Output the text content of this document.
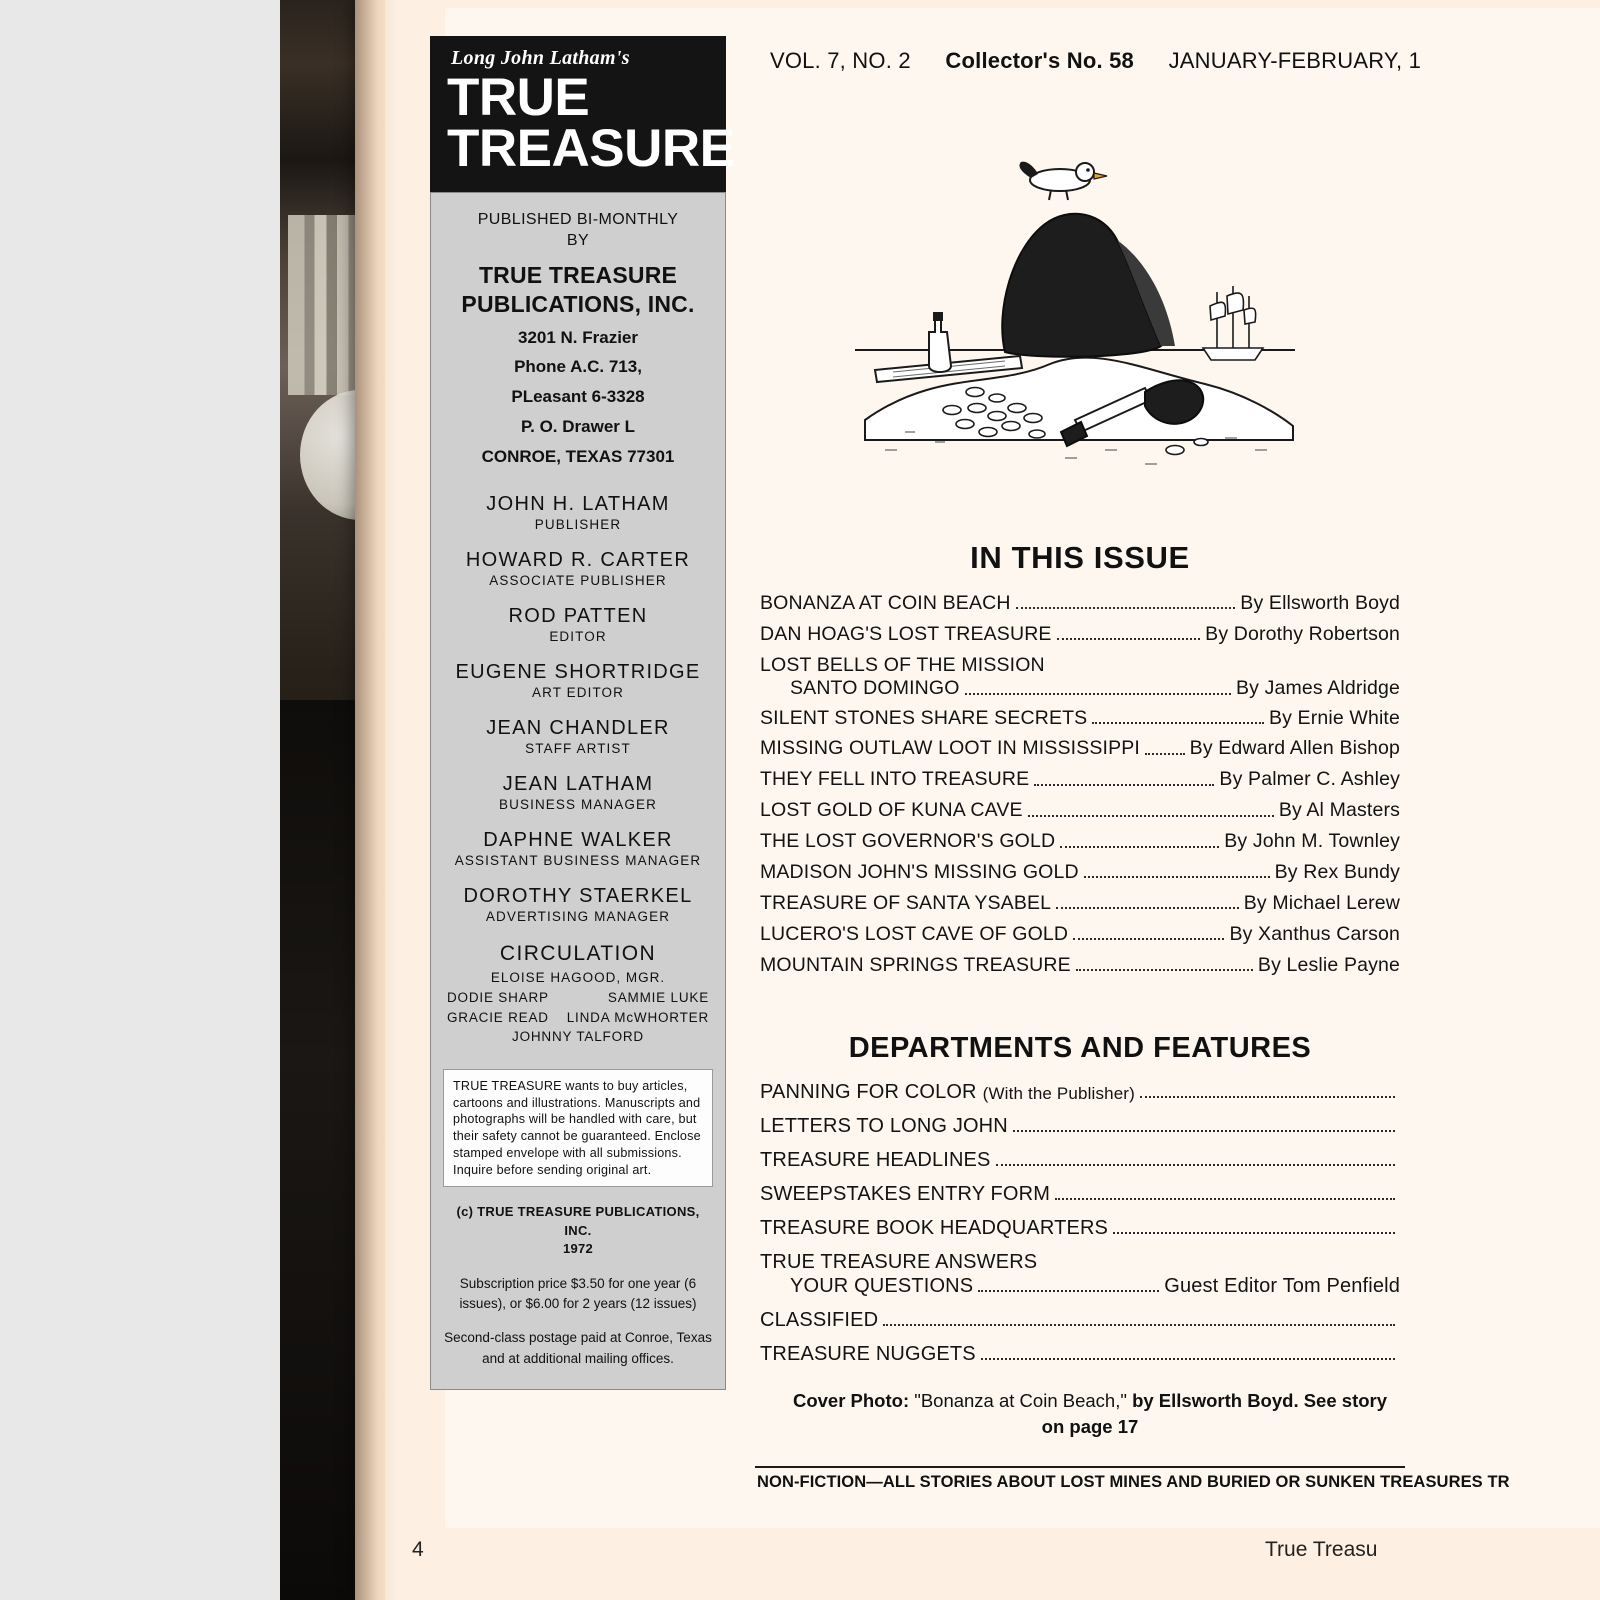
Long John Latham's
TRUE
TREASURE
PUBLISHED BI-MONTHLY
BY
TRUE TREASURE
PUBLICATIONS, INC.
3201 N. Frazier
Phone A.C. 713,
PLeasant 6-3328
P. O. Drawer L
CONROE, TEXAS 77301
JOHN H. LATHAM
PUBLISHER
HOWARD R. CARTER
ASSOCIATE PUBLISHER
ROD PATTEN
EDITOR
EUGENE SHORTRIDGE
ART EDITOR
JEAN CHANDLER
STAFF ARTIST
JEAN LATHAM
BUSINESS MANAGER
DAPHNE WALKER
ASSISTANT BUSINESS MANAGER
DOROTHY STAERKEL
ADVERTISING MANAGER
CIRCULATION
ELOISE HAGOOD, MGR.
DODIE SHARP	SAMMIE LUKE
GRACIE READ LINDA McWHORTER
JOHNNY TALFORD
TRUE TREASURE wants to buy articles, cartoons and illustrations. Manuscripts and photographs will be handled with care, but their safety cannot be guaranteed. Enclose stamped envelope with all submissions. Inquire before sending original art.
(c) TRUE TREASURE PUBLICATIONS, INC.
1972
Subscription price $3.50 for one year (6 issues), or $6.00 for 2 years (12 issues)
Second-class postage paid at Conroe, Texas and at additional mailing offices.
VOL. 7, NO. 2 Collector's No. 58 JANUARY-FEBRUARY, 1
IN THIS ISSUE
BONANZA AT COIN BEACH	By Ellsworth Boyd
DAN HOAG'S LOST TREASURE	By Dorothy Robertson
LOST BELLS OF THE MISSION
SANTO DOMINGO	By James Aldridge
SILENT STONES SHARE SECRETS	By Ernie White
MISSING OUTLAW LOOT IN MISSISSIPPI	By Edward Allen Bishop
THEY FELL INTO TREASURE	By Palmer C. Ashley
LOST GOLD OF KUNA CAVE	By Al Masters
THE LOST GOVERNOR'S GOLD	By John M. Townley
MADISON JOHN'S MISSING GOLD	By Rex Bundy
TREASURE OF SANTA YSABEL	By Michael Lerew
LUCERO'S LOST CAVE OF GOLD	By Xanthus Carson
MOUNTAIN SPRINGS TREASURE	By Leslie Payne
DEPARTMENTS AND FEATURES
PANNING FOR COLOR (With the Publisher)
LETTERS TO LONG JOHN
TREASURE HEADLINES
SWEEPSTAKES ENTRY FORM
TREASURE BOOK HEADQUARTERS
TRUE TREASURE ANSWERS
YOUR QUESTIONS	Guest Editor Tom Penfield
CLASSIFIED
TREASURE NUGGETS
Cover Photo: "Bonanza at Coin Beach," by Ellsworth Boyd. See story on page 17
NON-FICTION—ALL STORIES ABOUT LOST MINES AND BURIED OR SUNKEN TREASURES TR
4	True Treasu
